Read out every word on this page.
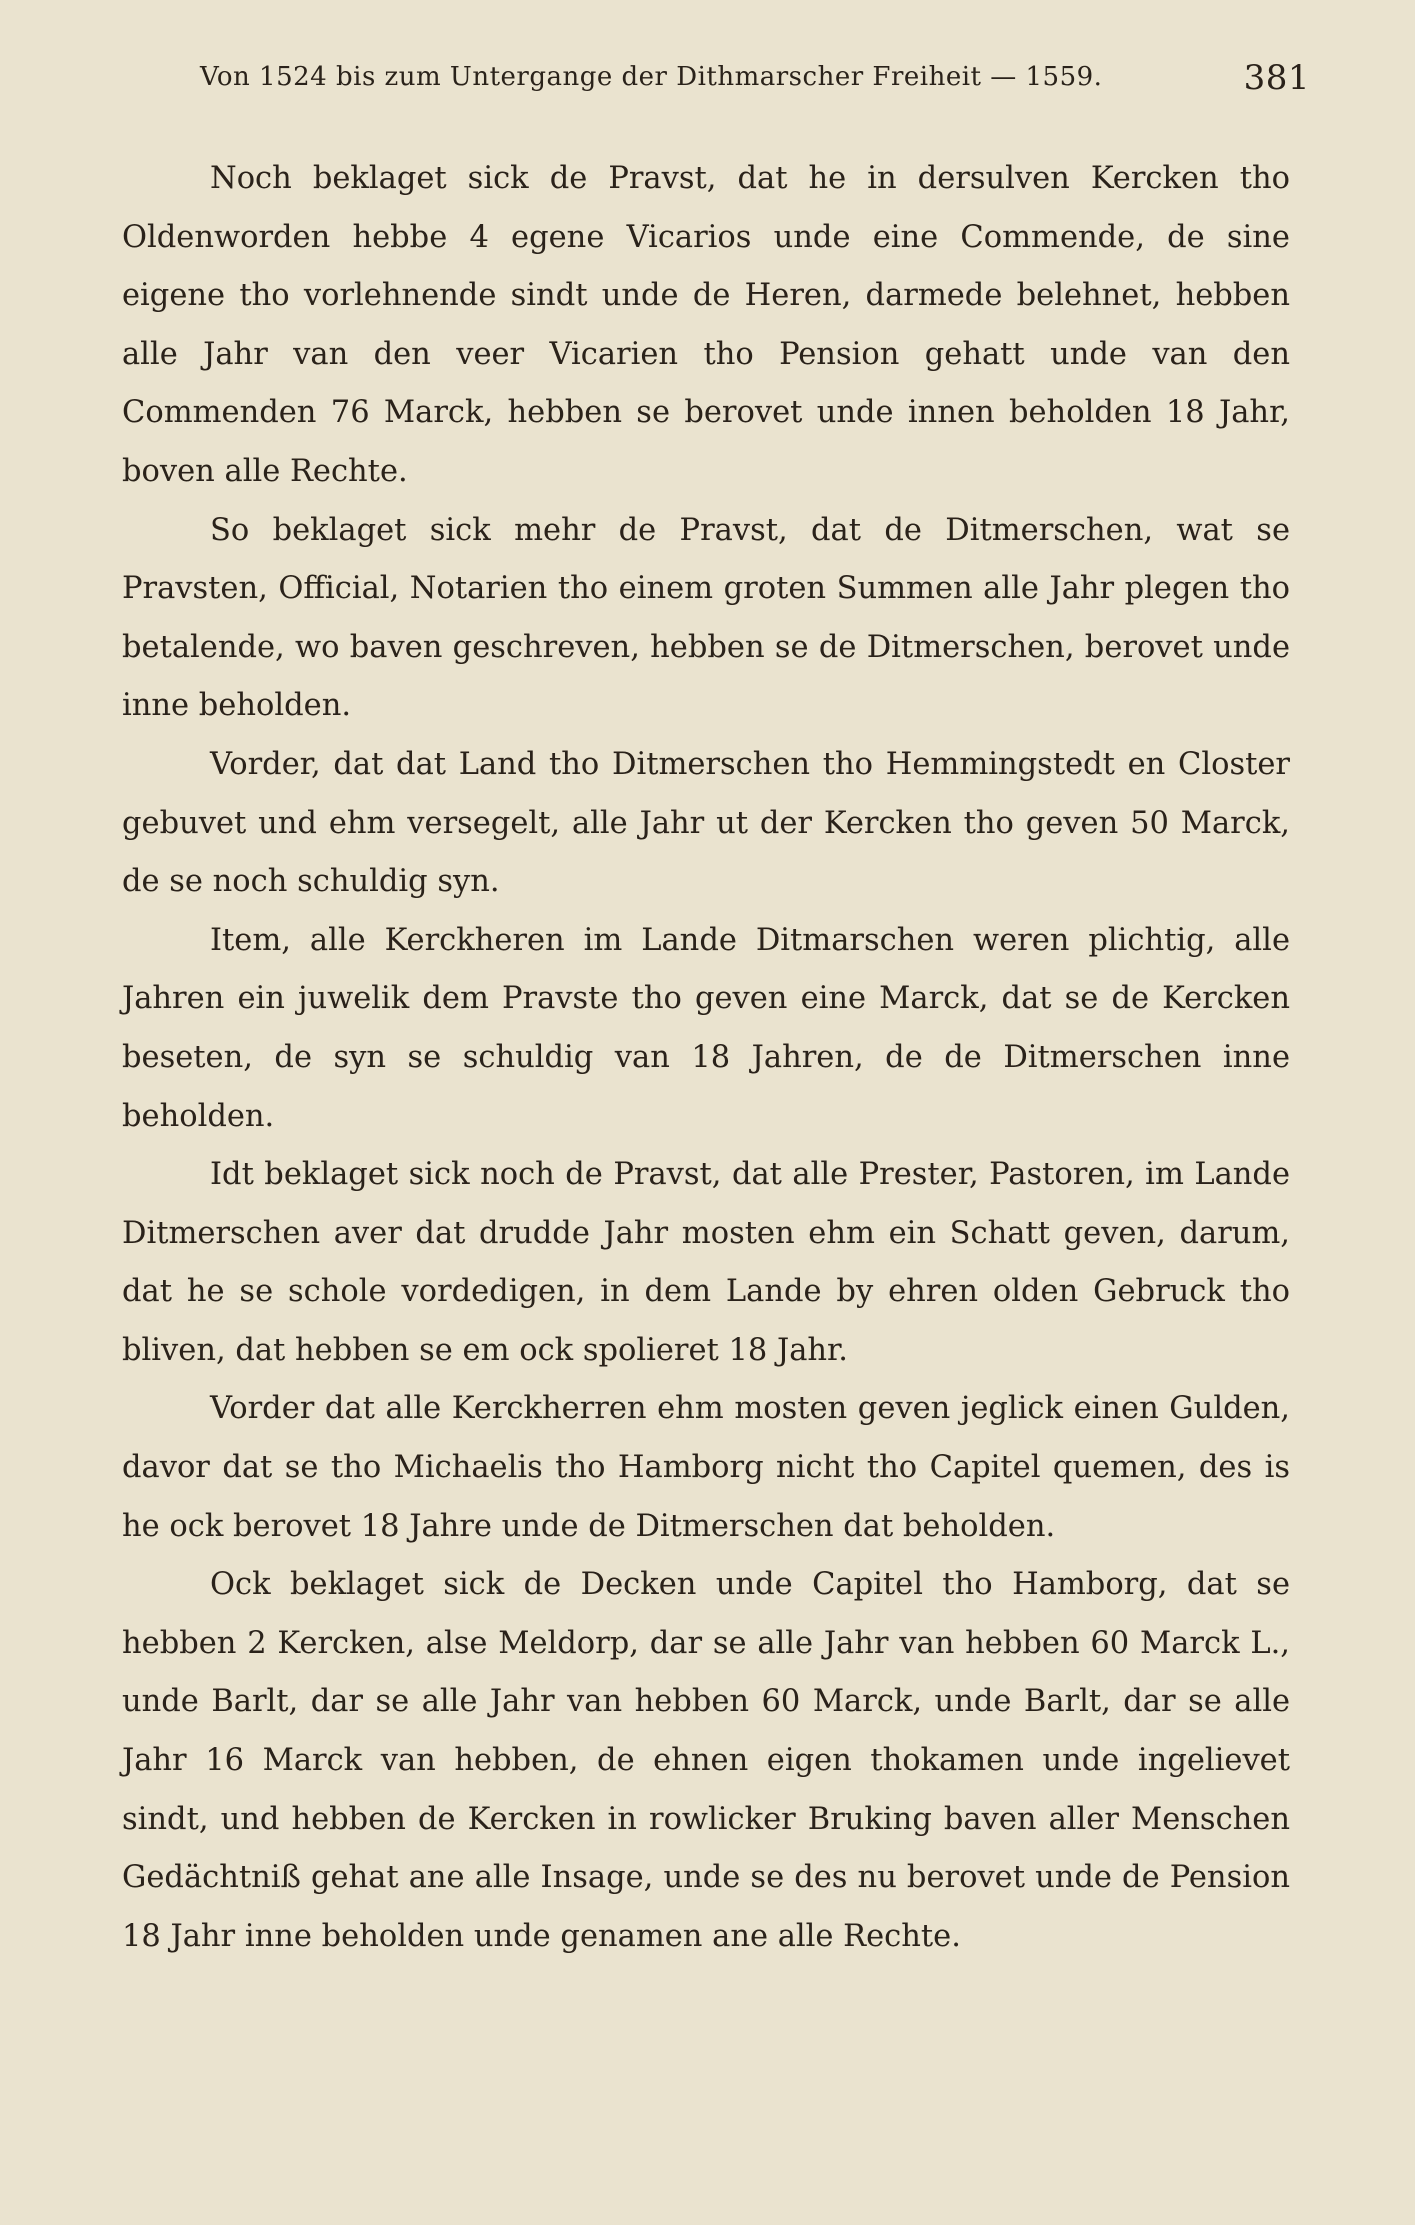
Von 1524 bis zum Untergange der Dithmarscher Freiheit — 1559.	381

Noch beklaget sick de Pravst, dat he in dersulven Kercken tho Oldenworden hebbe 4 egene Vicarios unde eine Commende, de sine eigene tho vorlehnende sindt unde de Heren, darmede belehnet, hebben alle Jahr van den veer Vicarien tho Pension gehatt unde van den Commenden 76 Marck, hebben se berovet unde innen beholden 18 Jahr, boven alle Rechte.

So beklaget sick mehr de Pravst, dat de Ditmerschen, wat se Pravsten, Official, Notarien tho einem groten Summen alle Jahr plegen tho betalende, wo baven geschreven, hebben se de Ditmerschen, berovet unde inne beholden.

Vorder, dat dat Land tho Ditmerschen tho Hemmingstedt en Closter gebuvet und ehm versegelt, alle Jahr ut der Kercken tho geven 50 Marck, de se noch schuldig syn.

Item, alle Kerckheren im Lande Ditmarschen weren plichtig, alle Jahren ein juwelik dem Pravste tho geven eine Marck, dat se de Kercken beseten, de syn se schuldig van 18 Jahren, de de Ditmerschen inne beholden.

Idt beklaget sick noch de Pravst, dat alle Prester, Pastoren, im Lande Ditmerschen aver dat drudde Jahr mosten ehm ein Schatt geven, darum, dat he se schole vordedigen, in dem Lande by ehren olden Gebruck tho bliven, dat hebben se em ock spolieret 18 Jahr.

Vorder dat alle Kerckherren ehm mosten geven jeglick einen Gulden, davor dat se tho Michaelis tho Hamborg nicht tho Capitel quemen, des is he ock berovet 18 Jahre unde de Ditmerschen dat beholden.

Ock beklaget sick de Decken unde Capitel tho Hamborg, dat se hebben 2 Kercken, alse Meldorp, dar se alle Jahr van hebben 60 Marck L., unde Barlt, dar se alle Jahr van hebben 60 Marck, unde Barlt, dar se alle Jahr 16 Marck van hebben, de ehnen eigen thokamen unde ingelievet sindt, und hebben de Kercken in rowlicker Bruking baven aller Menschen Gedächtniß gehat ane alle Insage, unde se des nu berovet unde de Pension 18 Jahr inne beholden unde genamen ane alle Rechte.
